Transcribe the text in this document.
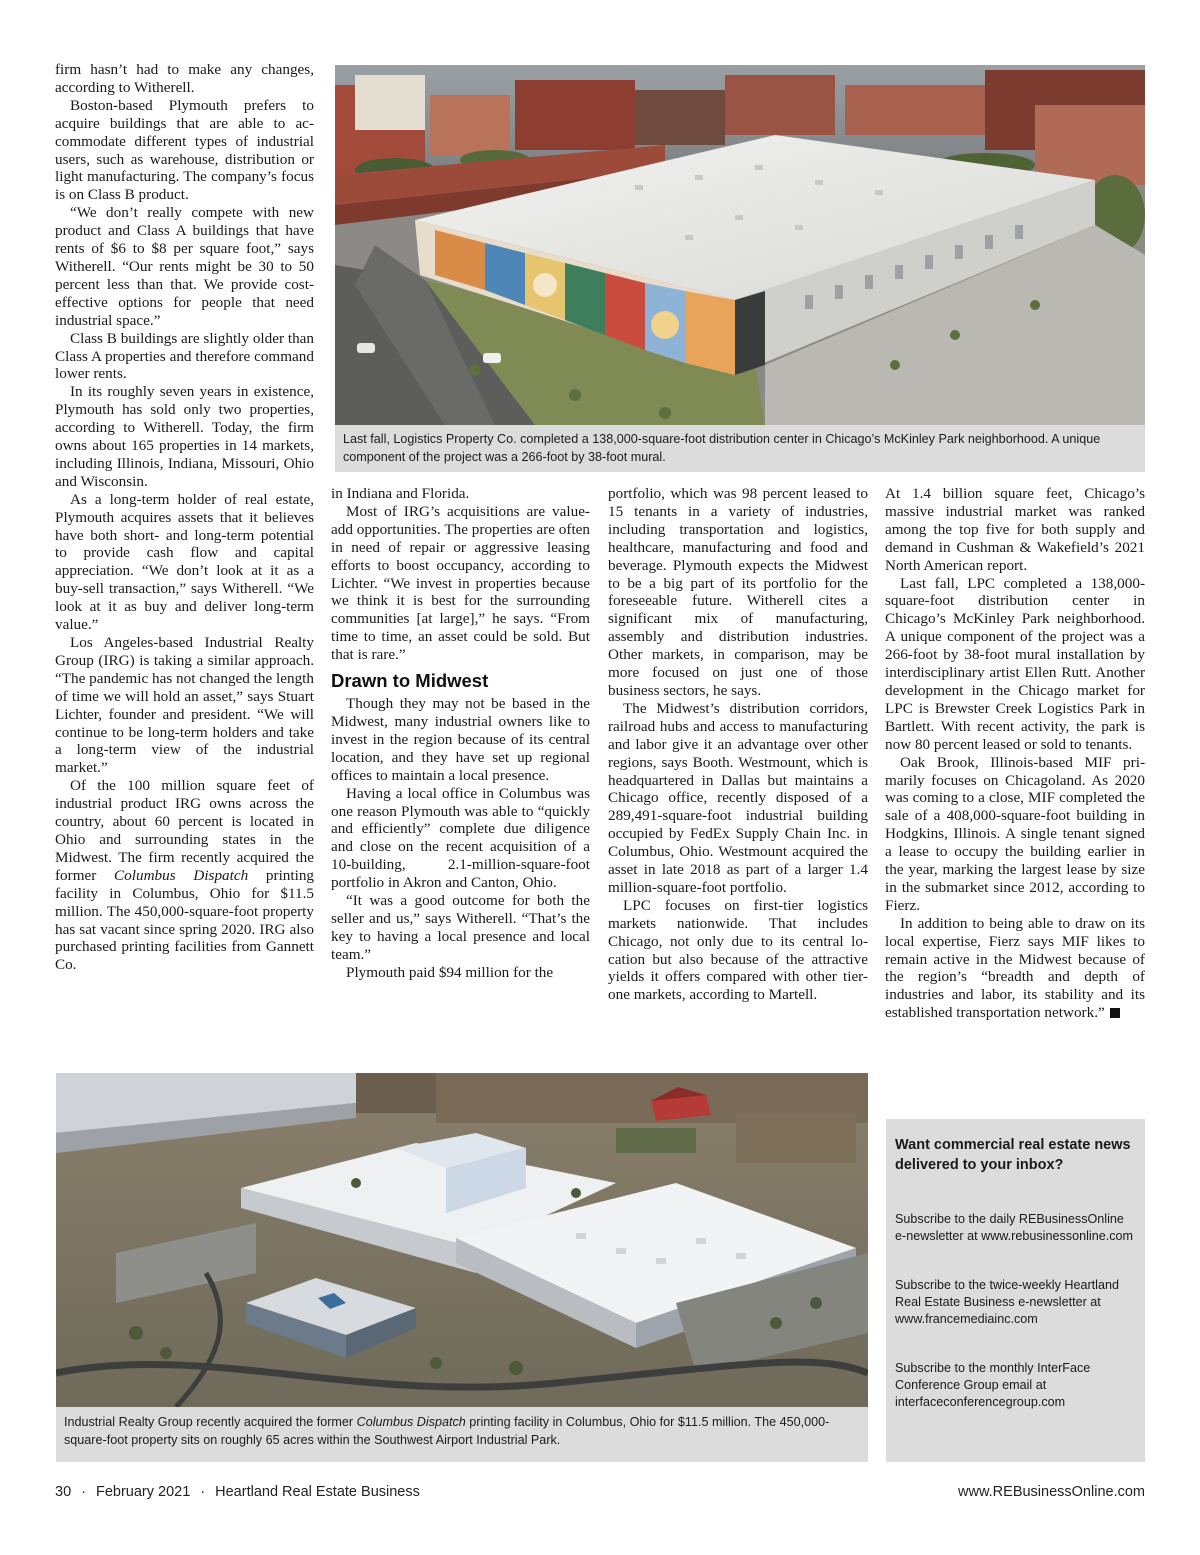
firm hasn’t had to make any changes, according to Witherell.

Boston-based Plymouth prefers to acquire buildings that are able to accommodate different types of industrial users, such as warehouse, distribution or light manufacturing. The company’s focus is on Class B product.

“We don’t really compete with new product and Class A buildings that have rents of $6 to $8 per square foot,” says Witherell. “Our rents might be 30 to 50 percent less than that. We provide cost-effective options for people that need industrial space.”

Class B buildings are slightly older than Class A properties and therefore command lower rents.

In its roughly seven years in existence, Plymouth has sold only two properties, according to Witherell. Today, the firm owns about 165 properties in 14 markets, including Illinois, Indiana, Missouri, Ohio and Wisconsin.

As a long-term holder of real estate, Plymouth acquires assets that it believes have both short- and long-term potential to provide cash flow and capital appreciation. “We don’t look at it as a buy-sell transaction,” says Witherell. “We look at it as buy and deliver long-term value.”

Los Angeles-based Industrial Realty Group (IRG) is taking a similar approach. “The pandemic has not changed the length of time we will hold an asset,” says Stuart Lichter, founder and president. “We will continue to be long-term holders and take a long-term view of the industrial market.”

Of the 100 million square feet of industrial product IRG owns across the country, about 60 percent is located in Ohio and surrounding states in the Midwest. The firm recently acquired the former Columbus Dispatch printing facility in Columbus, Ohio for $11.5 million. The 450,000-square-foot property has sat vacant since spring 2020. IRG also purchased printing facilities from Gannett Co.

Last fall, Logistics Property Co. completed a 138,000-square-foot distribution center in Chicago’s McKinley Park neighborhood. A unique component of the project was a 266-foot by 38-foot mural.

in Indiana and Florida.

Most of IRG’s acquisitions are value-add opportunities. The properties are often in need of repair or aggressive leasing efforts to boost occupancy, according to Lichter. “We invest in properties because we think it is best for the surrounding communities [at large],” he says. “From time to time, an asset could be sold. But that is rare.”

Drawn to Midwest

Though they may not be based in the Midwest, many industrial owners like to invest in the region because of its central location, and they have set up regional offices to maintain a local presence.

Having a local office in Columbus was one reason Plymouth was able to “quickly and efficiently” complete due diligence and close on the recent acquisition of a 10-building, 2.1-million-square-foot portfolio in Akron and Canton, Ohio.

“It was a good outcome for both the seller and us,” says Witherell. “That’s the key to having a local presence and local team.”

Plymouth paid $94 million for the

portfolio, which was 98 percent leased to 15 tenants in a variety of industries, including transportation and logistics, healthcare, manufacturing and food and beverage. Plymouth expects the Midwest to be a big part of its portfolio for the foreseeable future. Witherell cites a significant mix of manufacturing, assembly and distribution industries. Other markets, in comparison, may be more focused on just one of those business sectors, he says.

The Midwest’s distribution corridors, railroad hubs and access to manufacturing and labor give it an advantage over other regions, says Booth. Westmount, which is headquartered in Dallas but maintains a Chicago office, recently disposed of a 289,491-square-foot industrial building occupied by FedEx Supply Chain Inc. in Columbus, Ohio. Westmount acquired the asset in late 2018 as part of a larger 1.4 million-square-foot portfolio.

LPC focuses on first-tier logistics markets nationwide. That includes Chicago, not only due to its central location but also because of the attractive yields it offers compared with other tier-one markets, according to Martell.

At 1.4 billion square feet, Chicago’s massive industrial market was ranked among the top five for both supply and demand in Cushman & Wakefield’s 2021 North American report.

Last fall, LPC completed a 138,000-square-foot distribution center in Chicago’s McKinley Park neighborhood. A unique component of the project was a 266-foot by 38-foot mural installation by interdisciplinary artist Ellen Rutt. Another development in the Chicago market for LPC is Brewster Creek Logistics Park in Bartlett. With recent activity, the park is now 80 percent leased or sold to tenants.

Oak Brook, Illinois-based MIF primarily focuses on Chicagoland. As 2020 was coming to a close, MIF completed the sale of a 408,000-square-foot building in Hodgkins, Illinois. A single tenant signed a lease to occupy the building earlier in the year, marking the largest lease by size in the submarket since 2012, according to Fierz.

In addition to being able to draw on its local expertise, Fierz says MIF likes to remain active in the Midwest because of the region’s “breadth and depth of industries and labor, its stability and its established transportation network.”

Industrial Realty Group recently acquired the former Columbus Dispatch printing facility in Columbus, Ohio for $11.5 million. The 450,000-square-foot property sits on roughly 65 acres within the Southwest Airport Industrial Park.
Want commercial real estate news delivered to your inbox?
Subscribe to the daily REBusinessOnline e-newsletter at www.rebusinessonline.com
Subscribe to the twice-weekly Heartland Real Estate Business e-newsletter at www.francemediainc.com
Subscribe to the monthly InterFace Conference Group email at interfaceconferencegroup.com
30 · February 2021 · Heartland Real Estate Business	www.REBusinessOnline.com
